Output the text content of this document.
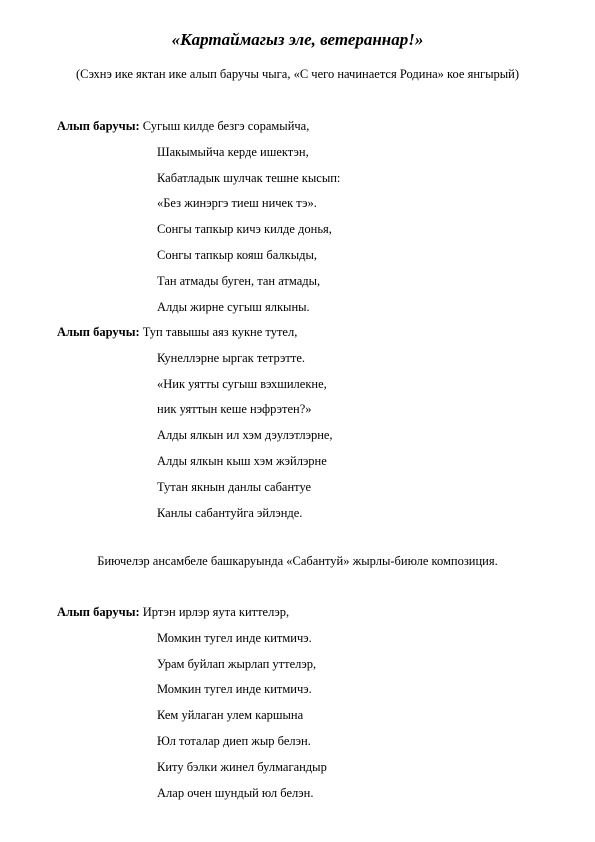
«Картаймагыз эле, ветераннар!»
(Сэхнэ ике яктан ике алып баручы чыга, «С чего начинается Родина» кое янгырый)
Алып баручы: Сугыш килде безгэ сорамыйча,
Шакымыйча керде ишектэн,
Кабатладык шулчак тешне кысып:
«Без жинэргэ тиеш ничек тэ».
Сонгы тапкыр кичэ килде донья,
Сонгы тапкыр кояш балкыды,
Тан атмады буген, тан атмады,
Алды жирне сугыш ялкыны.
Алып баручы: Туп тавышы аяз кукне тутел,
Кунеллэрне ыргак тетрэтте.
«Ник уятты сугыш вэхшилекне,
ник уяттын кеше нэфрэтен?»
Алды ялкын ил хэм дэулэтлэрне,
Алды ялкын кыш хэм жэйлэрне
Тутан якнын данлы сабантуе
Канлы сабантуйга эйлэнде.
Биючелэр ансамбеле башкаруында «Сабантуй» жырлы-биюле композиция.
Алып баручы: Иртэн ирлэр яута киттелэр,
Момкин тугел инде китмичэ.
Урам буйлап жырлап уттелэр,
Момкин тугел инде китмичэ.
Кем уйлаган улем каршына
Юл тоталар диеп жыр белэн.
Киту бэлки жинел булмагандыр
Алар очен шундый юл белэн.
